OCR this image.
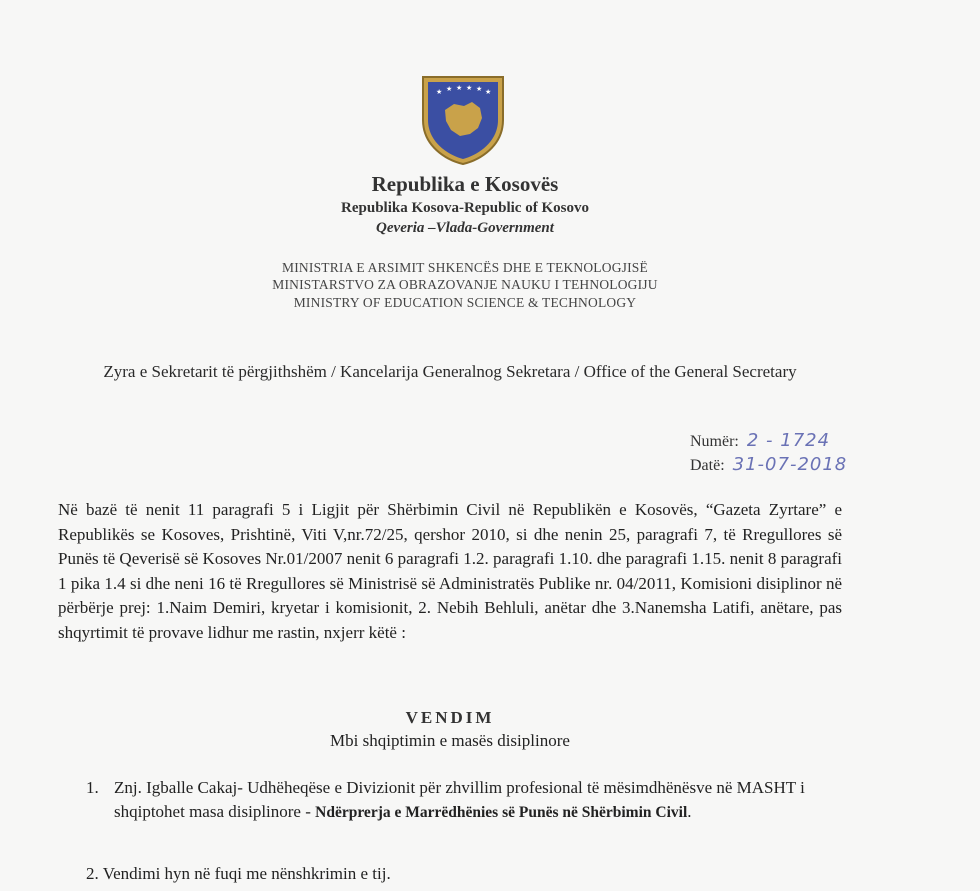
★ ★ ★ ★ ★ ★
Republika e Kosovës
Republika Kosova-Republic of Kosovo
Qeveria –Vlada-Government
MINISTRIA E ARSIMIT SHKENCËS DHE E TEKNOLOGJISË
MINISTARSTVO ZA OBRAZOVANJE NAUKU I TEHNOLOGIJU
MINISTRY OF EDUCATION SCIENCE & TECHNOLOGY
Zyra e Sekretarit të përgjithshëm / Kancelarija Generalnog Sekretara / Office of the General Secretary
Numër: 2 - 1724
Datë: 31-07-2018
Në bazë të nenit 11 paragrafi 5 i Ligjit për Shërbimin Civil në Republikën e Kosovës, “Gazeta Zyrtare” e Republikës se Kosoves, Prishtinë, Viti V,nr.72/25, qershor 2010, si dhe nenin 25, paragrafi 7, të Rregullores së Punës të Qeverisë së Kosoves Nr.01/2007 nenit 6 paragrafi 1.2. paragrafi 1.10. dhe paragrafi 1.15. nenit 8 paragrafi 1 pika 1.4 si dhe neni 16 të Rregullores së Ministrisë së Administratës Publike nr. 04/2011, Komisioni disiplinor në përbërje prej: 1.Naim Demiri, kryetar i komisionit, 2. Nebih Behluli, anëtar dhe 3.Nanemsha Latifi, anëtare, pas shqyrtimit të provave lidhur me rastin, nxjerr këtë :
VENDIM
Mbi shqiptimin e masës disiplinore
1. Znj. Igballe Cakaj- Udhëheqëse e Divizionit për zhvillim profesional të mësimdhënësve në MASHT i shqiptohet masa disiplinore - Ndërprerja e Marrëdhënies së Punës në Shërbimin Civil.
2. Vendimi hyn në fuqi me nënshkrimin e tij.
